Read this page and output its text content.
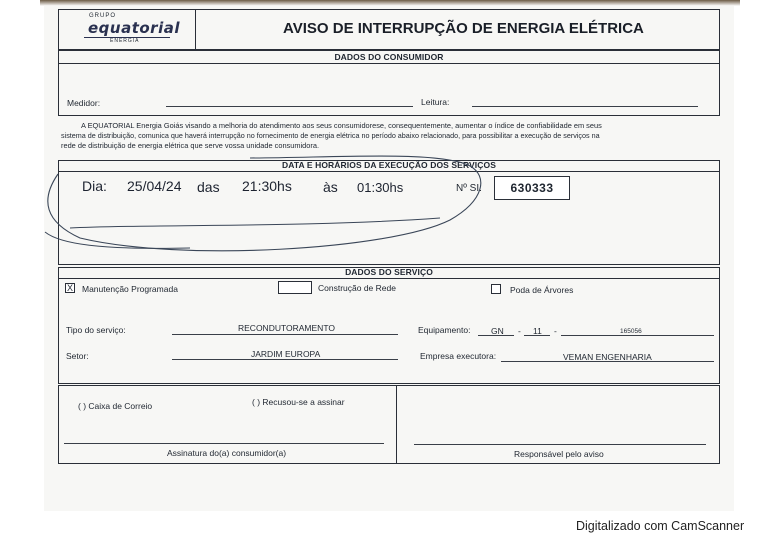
GRUPO
equatorial
ENERGIA
AVISO DE INTERRUPÇÃO DE ENERGIA ELÉTRICA
DADOS DO CONSUMIDOR
Medidor:	Leitura:
A EQUATORIAL Energia Goiás visando a melhoria do atendimento aos seus consumidorese, consequentemente, aumentar o índice de confiabilidade em seus
sistema de distribuição, comunica que haverá interrupção no fornecimento de energia elétrica no período abaixo relacionado, para possibilitar a execução de serviços na
rede de distribuição de energia elétrica que serve vossa unidade consumidora.
DATA E HORÁRIOS DA EXECUÇÃO DOS SERVIÇOS
Dia: 25/04/24 das 21:30hs às 01:30hs	Nº SI:	630333
DADOS DO SERVIÇO
X Manutenção Programada	Construção de Rede	Poda de Árvores
Tipo do serviço:	RECONDUTORAMENTO	Equipamento: GN - 11 -	165056
Setor:	JARDIM EUROPA	Empresa executora:	VEMAN ENGENHARIA
( ) Caixa de Correio	( ) Recusou-se a assinar
Assinatura do(a) consumidor(a)	Responsável pelo aviso
Digitalizado com CamScanner
